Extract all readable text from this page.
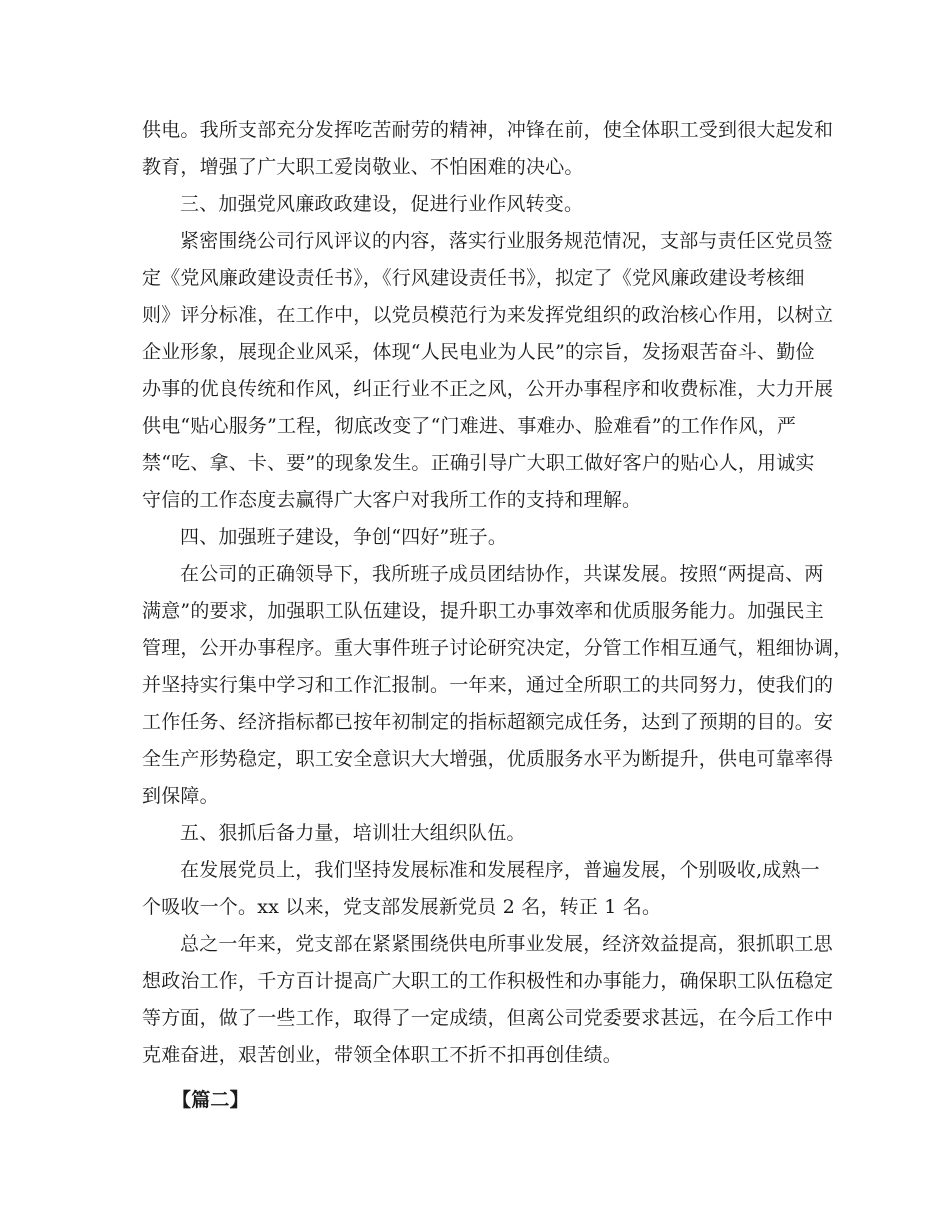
供电。我所支部充分发挥吃苦耐劳的精神，冲锋在前，使全体职工受到很大起发和
教育，增强了广大职工爱岗敬业、不怕困难的决心。
三、加强党风廉政政建设，促进行业作风转变。
紧密围绕公司行风评议的内容，落实行业服务规范情况，支部与责任区党员签
定《党风廉政建设责任书》，《行风建设责任书》，拟定了《党风廉政建设考核细
则》评分标准，在工作中，以党员模范行为来发挥党组织的政治核心作用，以树立
企业形象，展现企业风采，体现“人民电业为人民”的宗旨，发扬艰苦奋斗、勤俭
办事的优良传统和作风，纠正行业不正之风，公开办事程序和收费标准，大力开展
供电“贴心服务”工程，彻底改变了“门难进、事难办、脸难看”的工作作风，严
禁“吃、拿、卡、要”的现象发生。正确引导广大职工做好客户的贴心人，用诚实
守信的工作态度去赢得广大客户对我所工作的支持和理解。
四、加强班子建设，争创“四好”班子。
在公司的正确领导下，我所班子成员团结协作，共谋发展。按照“两提高、两
满意”的要求，加强职工队伍建设，提升职工办事效率和优质服务能力。加强民主
管理，公开办事程序。重大事件班子讨论研究决定，分管工作相互通气，粗细协调，
并坚持实行集中学习和工作汇报制。一年来，通过全所职工的共同努力，使我们的
工作任务、经济指标都已按年初制定的指标超额完成任务，达到了预期的目的。安
全生产形势稳定，职工安全意识大大增强，优质服务水平为断提升，供电可靠率得
到保障。
五、狠抓后备力量，培训壮大组织队伍。
在发展党员上，我们坚持发展标准和发展程序，普遍发展，个别吸收,成熟一
个吸收一个。xx 以来，党支部发展新党员 2 名，转正 1 名。
总之一年来，党支部在紧紧围绕供电所事业发展，经济效益提高，狠抓职工思
想政治工作，千方百计提高广大职工的工作积极性和办事能力，确保职工队伍稳定
等方面，做了一些工作，取得了一定成绩，但离公司党委要求甚远，在今后工作中
克难奋进，艰苦创业，带领全体职工不折不扣再创佳绩。
【篇二】
